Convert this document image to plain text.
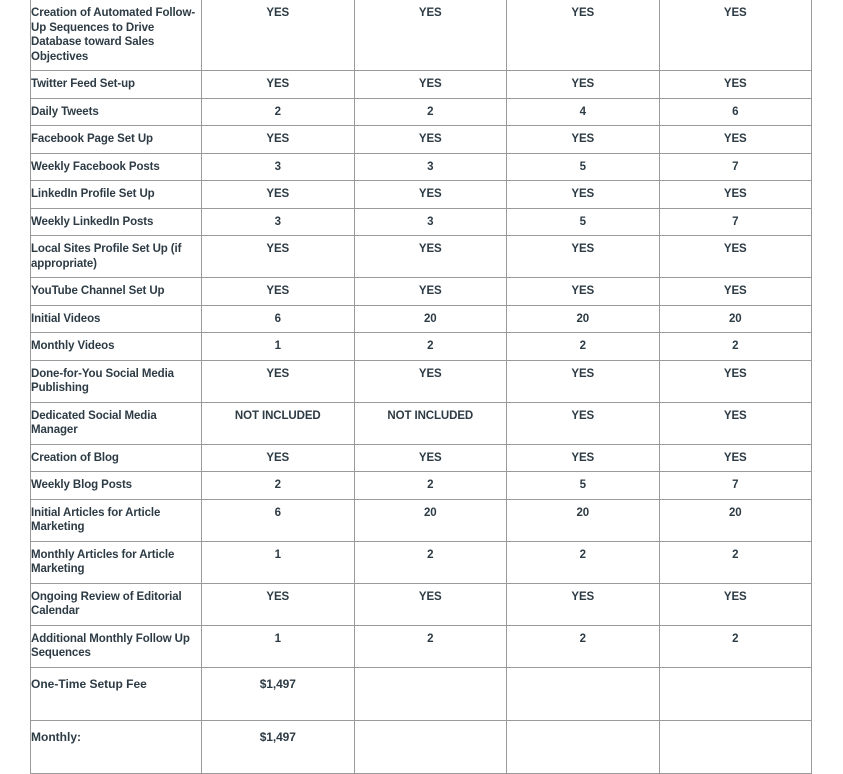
Creation of Automated Follow-Up Sequences to Drive Database toward Sales Objectives	YES	YES	YES	YES
Twitter Feed Set-up	YES	YES	YES	YES
Daily Tweets	2	2	4	6
Facebook Page Set Up	YES	YES	YES	YES
Weekly Facebook Posts	3	3	5	7
LinkedIn Profile Set Up	YES	YES	YES	YES
Weekly LinkedIn Posts	3	3	5	7
Local Sites Profile Set Up (if appropriate)	YES	YES	YES	YES
YouTube Channel Set Up	YES	YES	YES	YES
Initial Videos	6	20	20	20
Monthly Videos	1	2	2	2
Done-for-You Social Media Publishing	YES	YES	YES	YES
Dedicated Social Media Manager	NOT INCLUDED	NOT INCLUDED	YES	YES
Creation of Blog	YES	YES	YES	YES
Weekly Blog Posts	2	2	5	7
Initial Articles for Article Marketing	6	20	20	20
Monthly Articles for Article Marketing	1	2	2	2
Ongoing Review of Editorial Calendar	YES	YES	YES	YES
Additional Monthly Follow Up Sequences	1	2	2	2
One-Time Setup Fee	$1,497	$1,497	$1,497	$1,497
Monthly:	$1,497	$2,997	$5,997	$8,997
